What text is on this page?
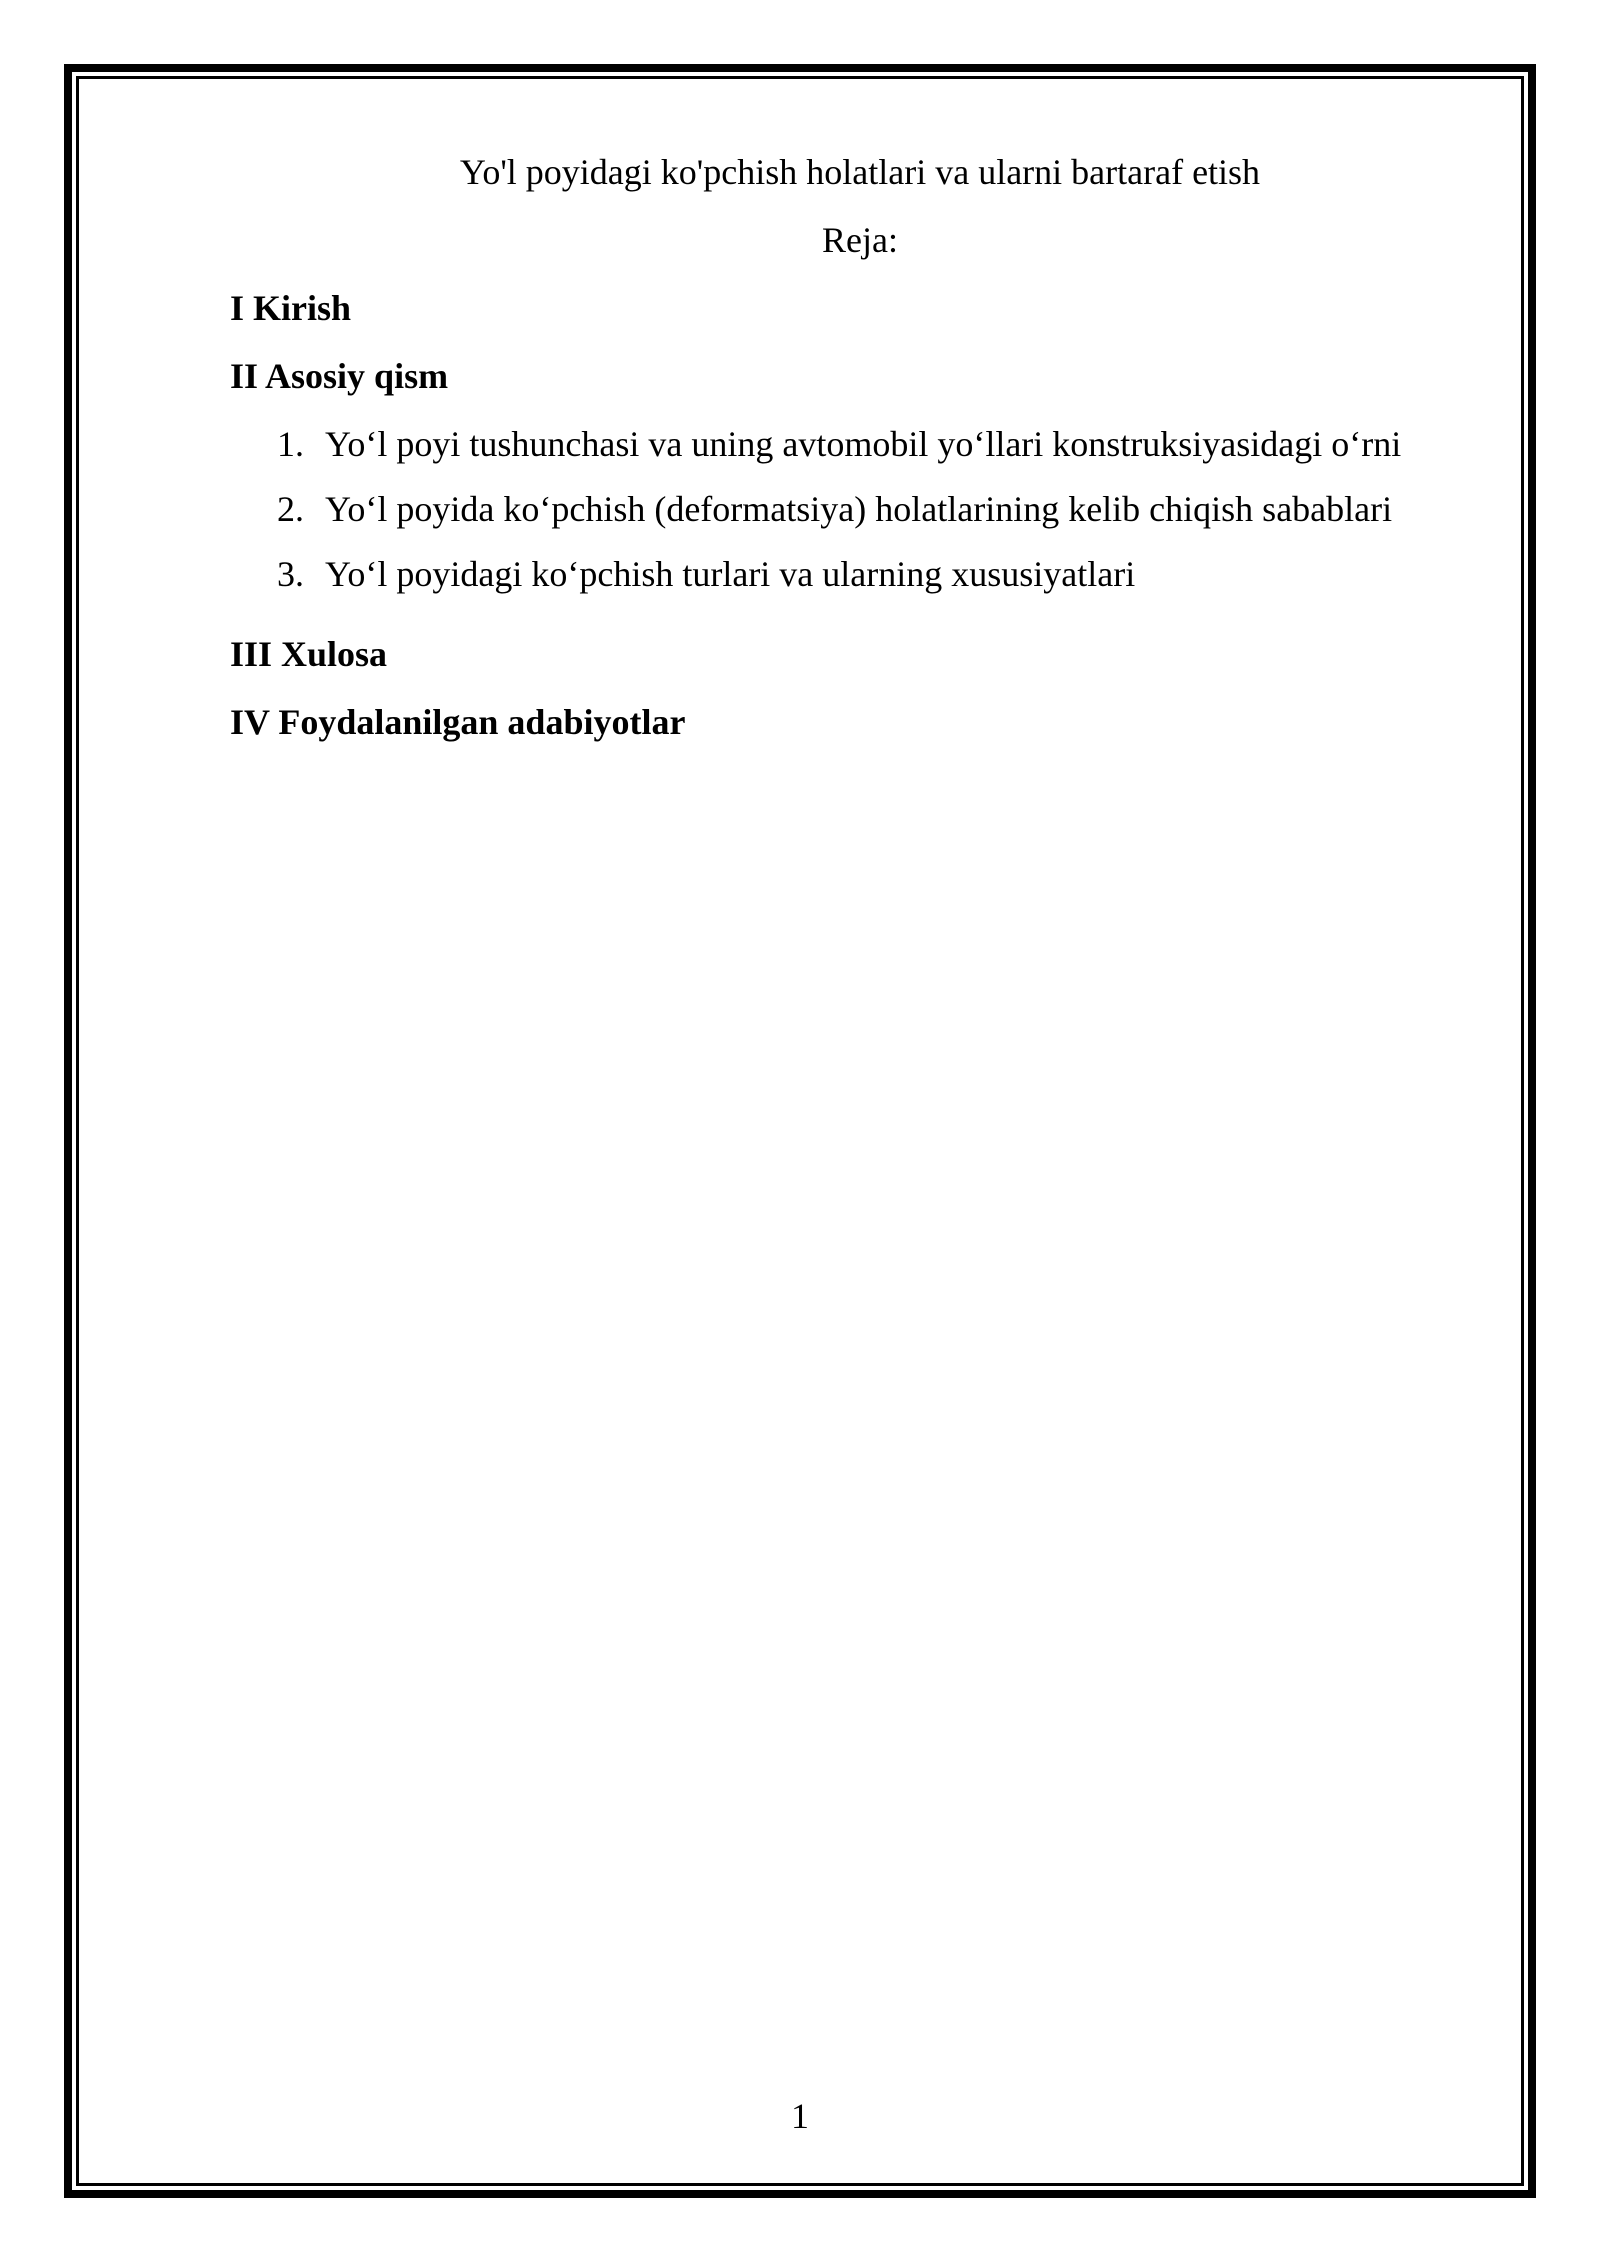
Yo'l poyidagi ko'pchish holatlari va ularni bartaraf etish

Reja:

I Kirish

II Asosiy qism

1. Yo‘l poyi tushunchasi va uning avtomobil yo‘llari konstruksiyasidagi o‘rni
2. Yo‘l poyida ko‘pchish (deformatsiya) holatlarining kelib chiqish sabablari
3. Yo‘l poyidagi ko‘pchish turlari va ularning xususiyatlari

III Xulosa

IV Foydalanilgan adabiyotlar

1
